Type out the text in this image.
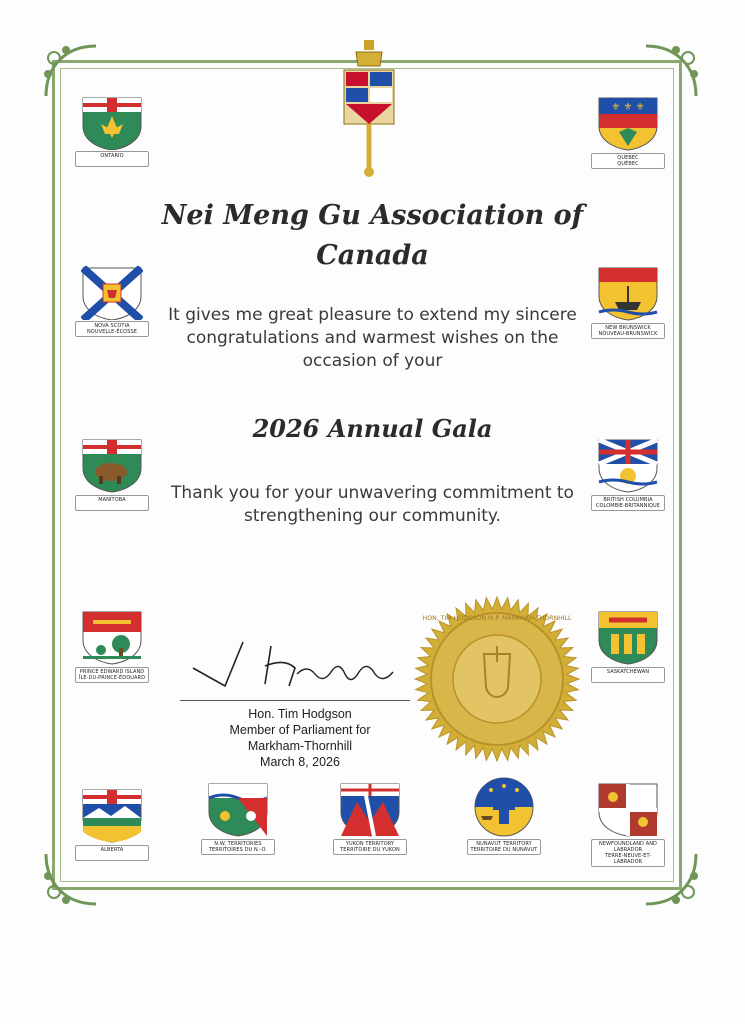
ONTARIO
NOVA SCOTIA
NOUVELLE-ÉCOSSE
MANITOBA
PRINCE EDWARD ISLAND
ÎLE-DU-PRINCE-ÉDOUARD
ALBERTA
⚜ ⚜ ⚜
QUEBEC
QUÉBEC
NEW BRUNSWICK
NOUVEAU-BRUNSWICK
BRITISH COLUMBIA
COLOMBIE-BRITANNIQUE
SASKATCHEWAN
NEWFOUNDLAND AND LABRADOR
TERRE-NEUVE-ET-LABRADOR
N.W. TERRITORIES
TERRITOIRES DU N.-O.
YUKON TERRITORY
TERRITOIRE DU YUKON
NUNAVUT TERRITORY
TERRITOIRE DU NUNAVUT
Nei Meng Gu Association of Canada
It gives me great pleasure to extend my sincere congratulations and warmest wishes on the occasion of your
2026 Annual Gala
Thank you for your unwavering commitment to strengthening our community.
Hon. Tim Hodgson
Member of Parliament for
Markham-Thornhill
March 8, 2026
HON. TIM HODGSON M.P. MARKHAM-THORNHILL
